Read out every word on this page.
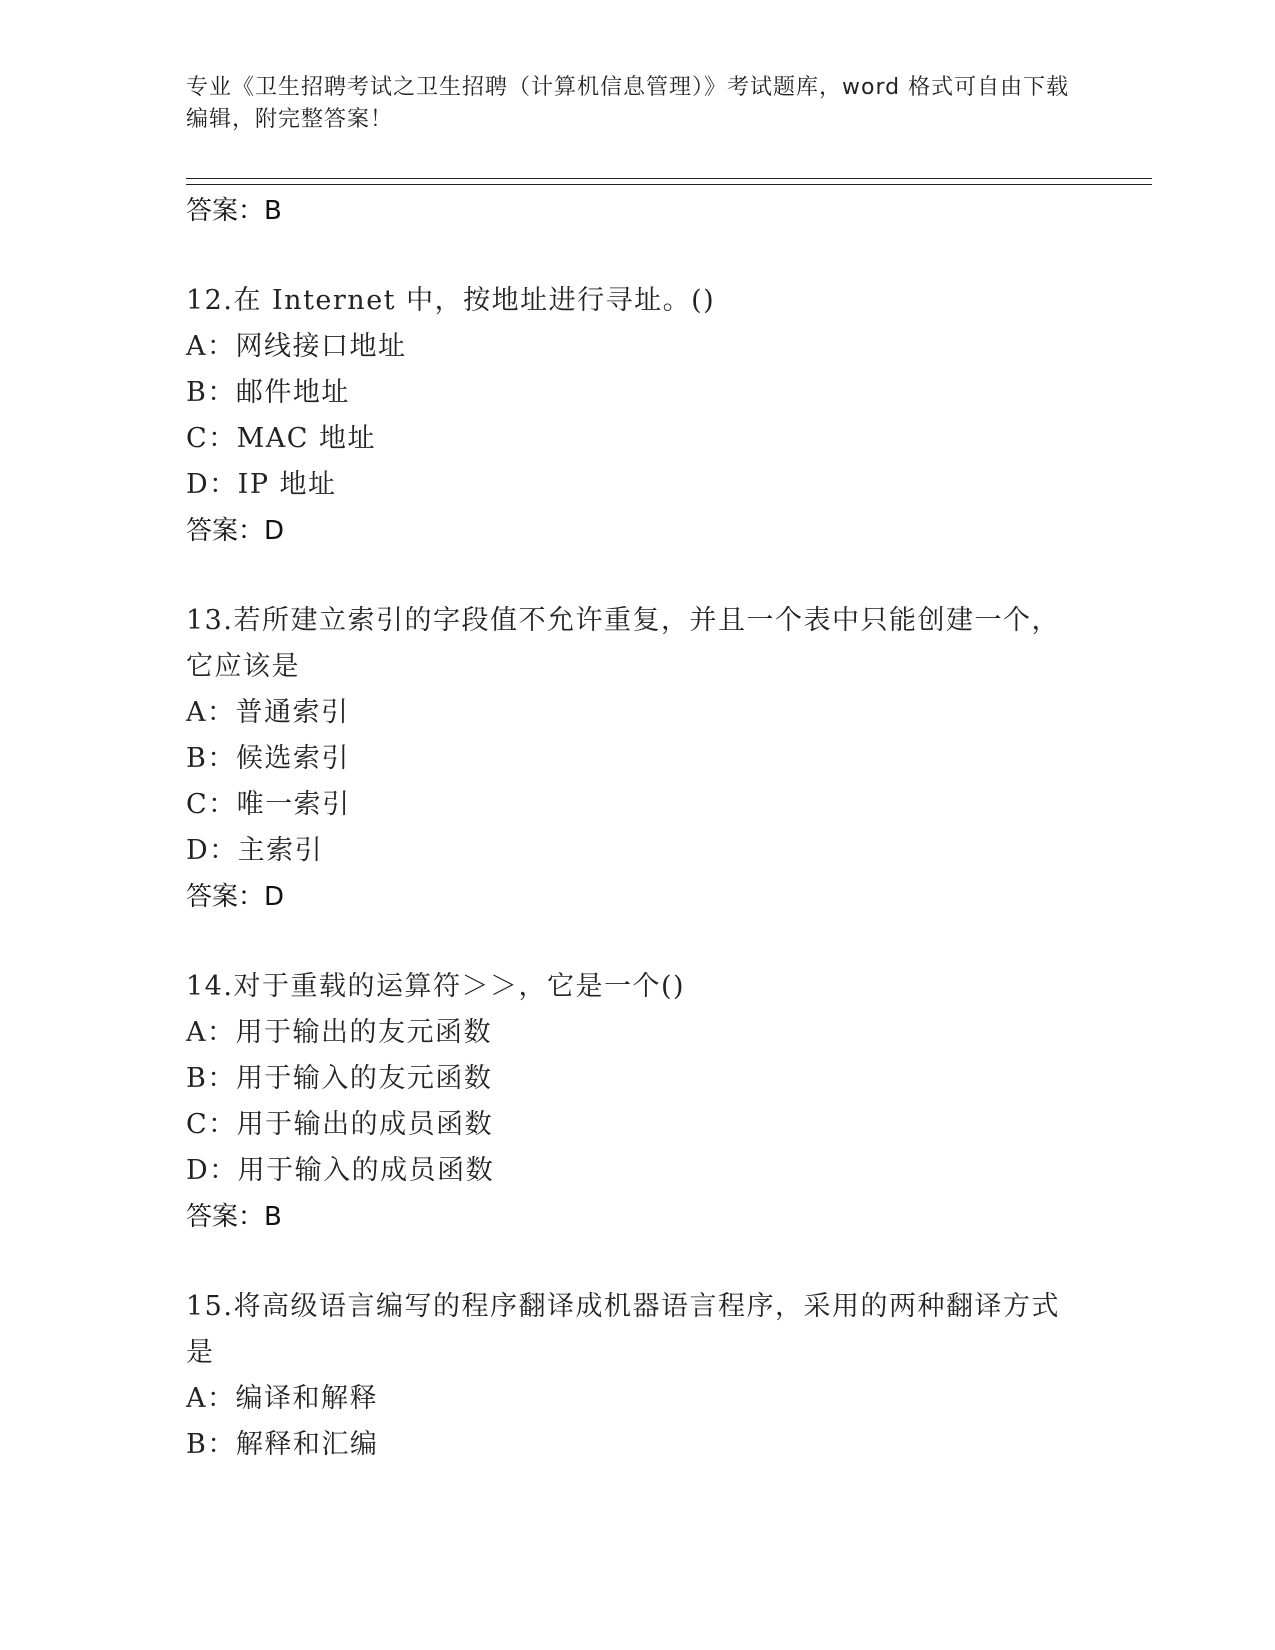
专业《卫生招聘考试之卫生招聘（计算机信息管理）》考试题库，word 格式可自由下载编辑，附完整答案！
答案：B
12.在 Internet 中，按地址进行寻址。()
A：网线接口地址
B：邮件地址
C：MAC 地址
D：IP 地址
答案：D
13.若所建立索引的字段值不允许重复，并且一个表中只能创建一个，它应该是
A：普通索引
B：候选索引
C：唯一索引
D：主索引
答案：D
14.对于重载的运算符＞＞，它是一个()
A：用于输出的友元函数
B：用于输入的友元函数
C：用于输出的成员函数
D：用于输入的成员函数
答案：B
15.将高级语言编写的程序翻译成机器语言程序，采用的两种翻译方式是
A：编译和解释
B：解释和汇编
